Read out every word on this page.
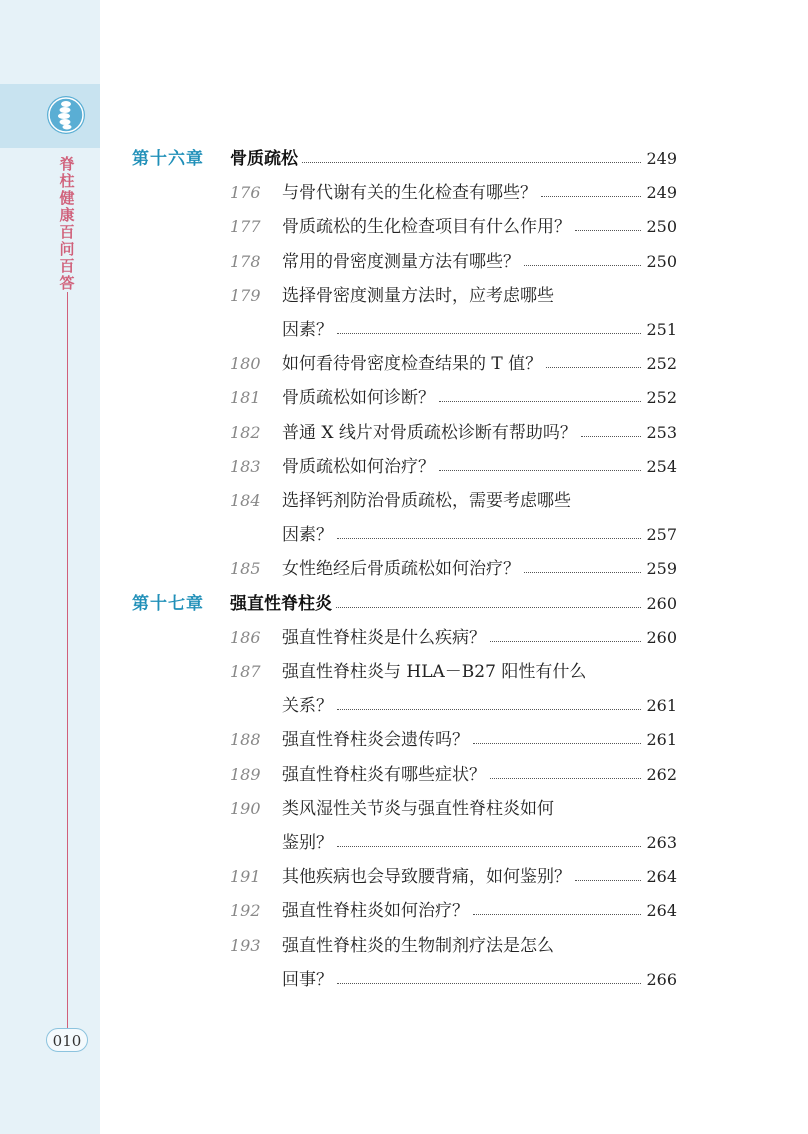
脊
柱
健
康
百
问
百
答
010
第十六章 骨质疏松	249
176 与骨代谢有关的生化检查有哪些？	249
177 骨质疏松的生化检查项目有什么作用？	250
178 常用的骨密度测量方法有哪些？	250
179 选择骨密度测量方法时，应考虑哪些
因素？	251
180 如何看待骨密度检查结果的 T 值？	252
181 骨质疏松如何诊断？	252
182 普通 X 线片对骨质疏松诊断有帮助吗？	253
183 骨质疏松如何治疗？	254
184 选择钙剂防治骨质疏松，需要考虑哪些
因素？	257
185 女性绝经后骨质疏松如何治疗？	259
第十七章 强直性脊柱炎	260
186 强直性脊柱炎是什么疾病？	260
187 强直性脊柱炎与 HLA－B27 阳性有什么
关系？	261
188 强直性脊柱炎会遗传吗？	261
189 强直性脊柱炎有哪些症状？	262
190 类风湿性关节炎与强直性脊柱炎如何
鉴别？	263
191 其他疾病也会导致腰背痛，如何鉴别？	264
192 强直性脊柱炎如何治疗？	264
193 强直性脊柱炎的生物制剂疗法是怎么
回事？	266
